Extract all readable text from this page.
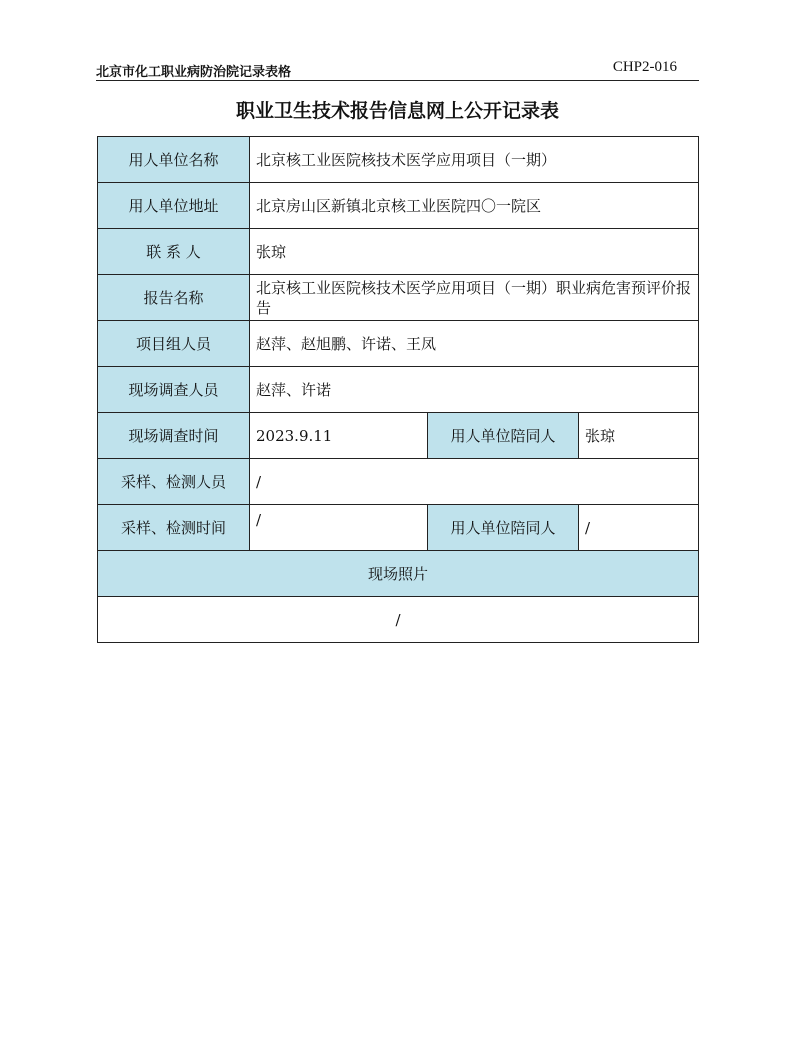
北京市化工职业病防治院记录表格	CHP2-016
职业卫生技术报告信息网上公开记录表
用人单位名称	北京核工业医院核技术医学应用项目（一期）		
用人单位地址	北京房山区新镇北京核工业医院四〇一院区		
联 系 人	张琼		
报告名称	北京核工业医院核技术医学应用项目（一期）职业病危害预评价报告		
项目组人员	赵萍、赵旭鹏、许诺、王凤		
现场调查人员	赵萍、许诺		
现场调查时间	2023.9.11	用人单位陪同人	张琼
采样、检测人员	/		
采样、检测时间	/	用人单位陪同人	/
现场照片			
/			
